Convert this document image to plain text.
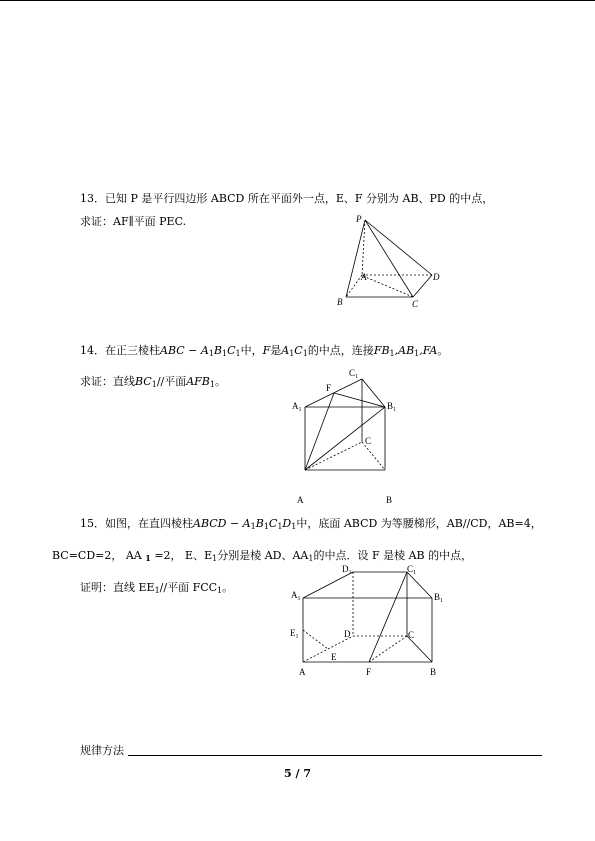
13．已知 P 是平行四边形 ABCD 所在平面外一点，E、F 分别为 AB、PD 的中点，
求证：AF∥平面 PEC.	P
A
B	C
D
14．在正三棱柱ABC − $A_1B_1C_1$中，F是$A_1C_1$的中点，连接$FB_1,AB_1,FA$。
求证：直线$BC_1//$平面$AFB_1$。
$C_1$
F
$A_1$	$B_1$
C
A	B
15．如图，在直四棱柱ABCD − $A_1B_1C_1D_1$中，底面 ABCD 为等腰梯形，AB//CD，AB=4，
BC=CD=2， AA $_1$ =2， E、$E_1$分别是棱 AD、$AA_1$的中点．设 F 是棱 AB 的中点，
证明：直线 $EE_1//$平面 $FCC_1$。
$D_1$	$C_1$
$A_1$	$B_1$
$E_1$	D	C
E
A	F	B
规律方法
5 / 7
